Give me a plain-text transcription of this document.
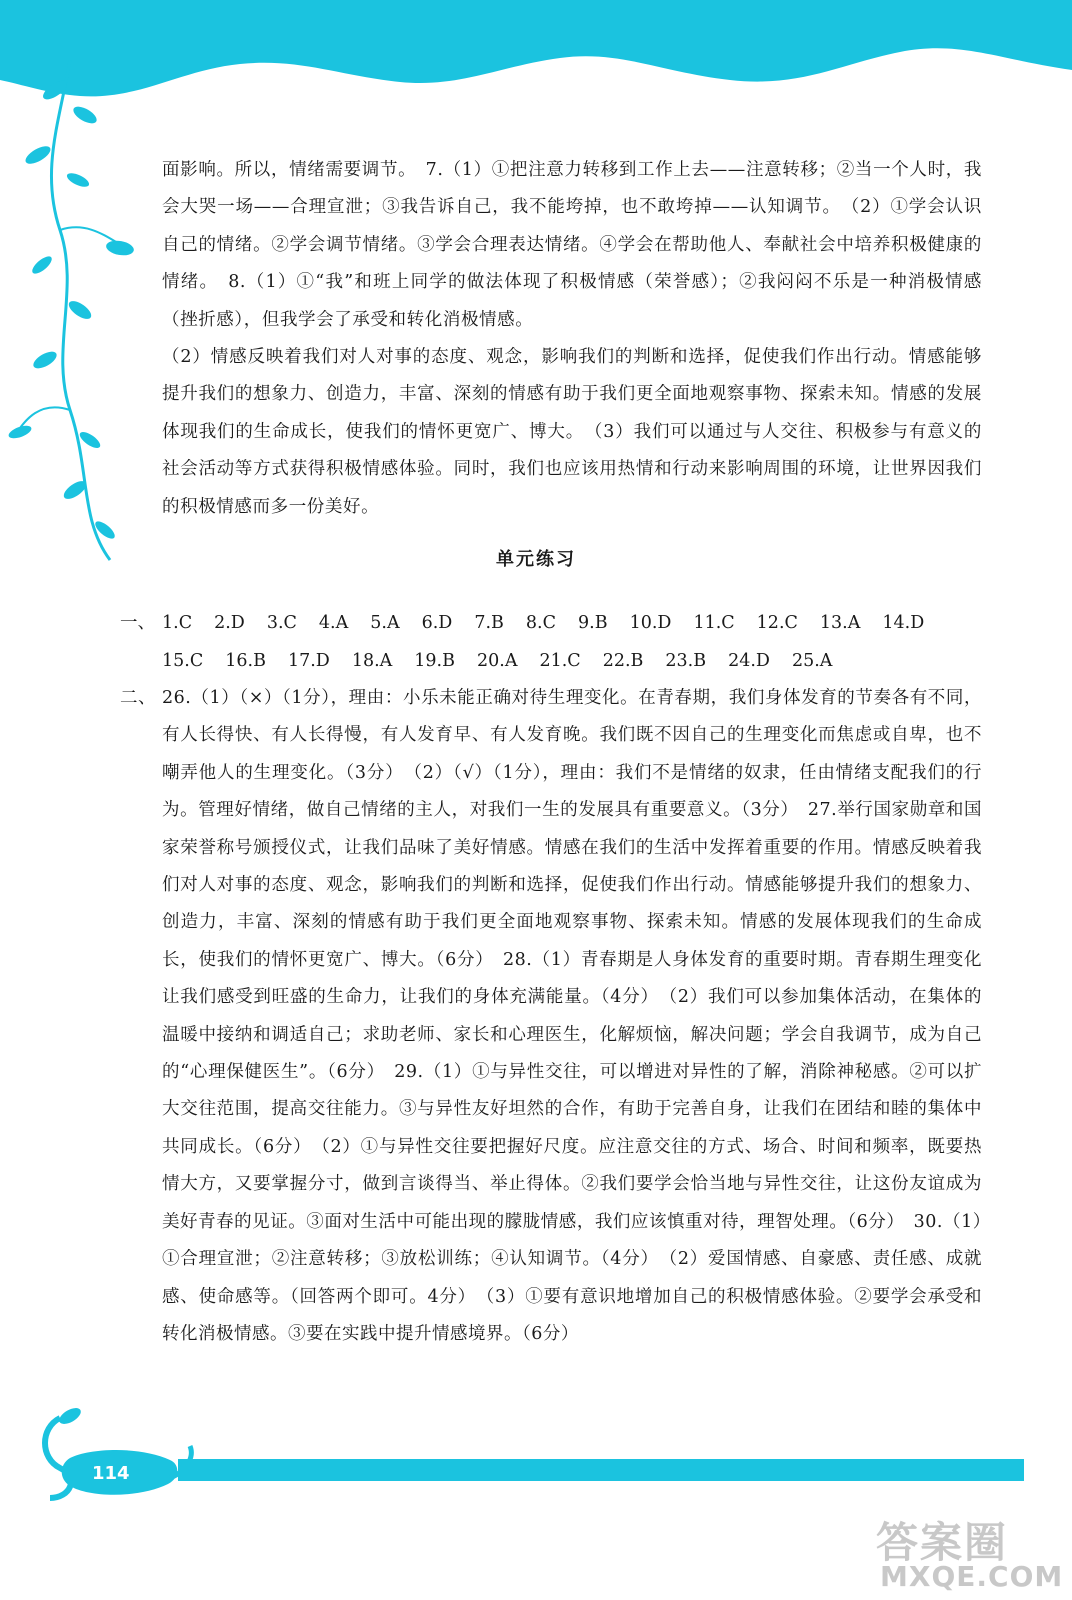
面影响。所以，情绪需要调节。　7.（1）①把注意力转移到工作上去——注意转移；②当一个人时，我会大哭一场——合理宣泄；③我告诉自己，我不能垮掉，也不敢垮掉——认知调节。　（2）①学会认识自己的情绪。②学会调节情绪。③学会合理表达情绪。④学会在帮助他人、奉献社会中培养积极健康的情绪。　8.（1）①“我”和班上同学的做法体现了积极情感（荣誉感）；②我闷闷不乐是一种消极情感（挫折感），但我学会了承受和转化消极情感。

（2）情感反映着我们对人对事的态度、观念，影响我们的判断和选择，促使我们作出行动。情感能够提升我们的想象力、创造力，丰富、深刻的情感有助于我们更全面地观察事物、探索未知。情感的发展体现我们的生命成长，使我们的情怀更宽广、博大。　（3）我们可以通过与人交往、积极参与有意义的社会活动等方式获得积极情感体验。同时，我们也应该用热情和行动来影响周围的环境，让世界因我们的积极情感而多一份美好。

单元练习
一、 1.C 2.D 3.C 4.A 5.A 6.D 7.B 8.C 9.B 10.D 11.C 12.C 13.A 14.D
15.C 16.B 17.D 18.A 19.B 20.A 21.C 22.B 23.B 24.D 25.A
二、 26.（1）（×）（1分），理由：小乐未能正确对待生理变化。在青春期，我们身体发育的节奏各有不同，有人长得快、有人长得慢，有人发育早、有人发育晚。我们既不因自己的生理变化而焦虑或自卑，也不嘲弄他人的生理变化。（3分）　（2）（√）（1分），理由：我们不是情绪的奴隶，任由情绪支配我们的行为。管理好情绪，做自己情绪的主人，对我们一生的发展具有重要意义。（3分）　27.举行国家勋章和国家荣誉称号颁授仪式，让我们品味了美好情感。情感在我们的生活中发挥着重要的作用。情感反映着我们对人对事的态度、观念，影响我们的判断和选择，促使我们作出行动。情感能够提升我们的想象力、创造力，丰富、深刻的情感有助于我们更全面地观察事物、探索未知。情感的发展体现我们的生命成长，使我们的情怀更宽广、博大。（6分）　28.（1）青春期是人身体发育的重要时期。青春期生理变化让我们感受到旺盛的生命力，让我们的身体充满能量。（4分）　（2）我们可以参加集体活动，在集体的温暖中接纳和调适自己；求助老师、家长和心理医生，化解烦恼，解决问题；学会自我调节，成为自己的“心理保健医生”。（6分）　29.（1）①与异性交往，可以增进对异性的了解，消除神秘感。②可以扩大交往范围，提高交往能力。③与异性友好坦然的合作，有助于完善自身，让我们在团结和睦的集体中共同成长。（6分）　（2）①与异性交往要把握好尺度。应注意交往的方式、场合、时间和频率，既要热情大方，又要掌握分寸，做到言谈得当、举止得体。②我们要学会恰当地与异性交往，让这份友谊成为美好青春的见证。③面对生活中可能出现的朦胧情感，我们应该慎重对待，理智处理。（6分）　30.（1）①合理宣泄；②注意转移；③放松训练；④认知调节。（4分）　（2）爱国情感、自豪感、责任感、成就感、使命感等。（回答两个即可。4分）　（3）①要有意识地增加自己的积极情感体验。②要学会承受和转化消极情感。③要在实践中提升情感境界。（6分）

114
答案圈
MXQE.COM
